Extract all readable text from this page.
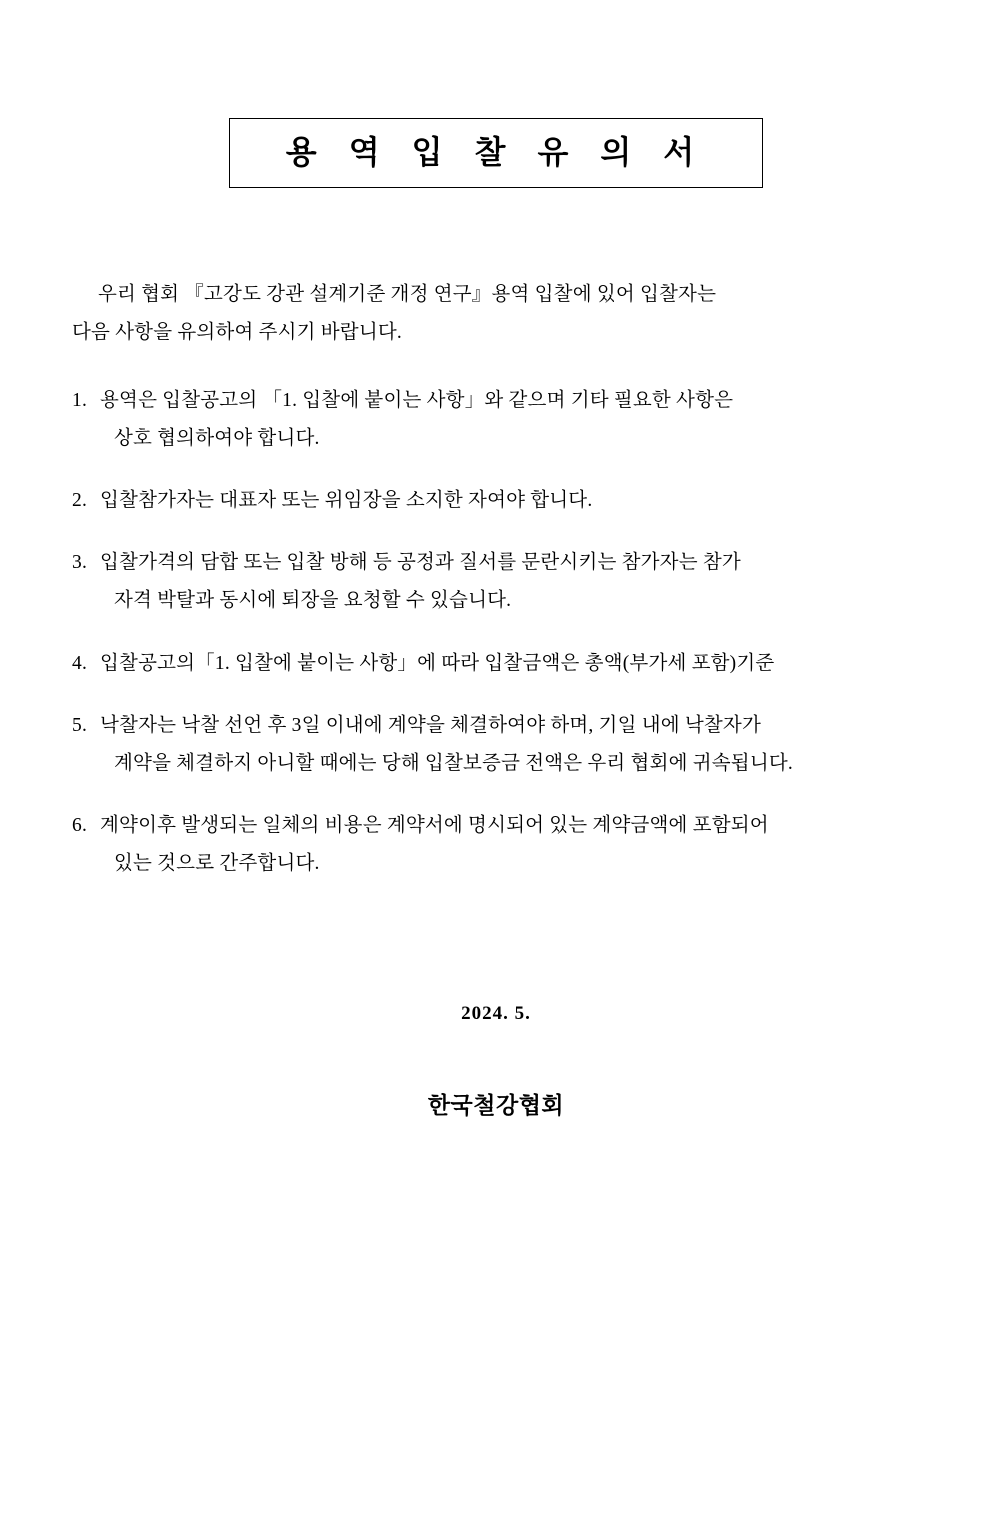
용 역 입 찰 유 의 서
우리 협회 『고강도 강관 설계기준 개정 연구』용역 입찰에 있어 입찰자는
다음 사항을 유의하여 주시기 바랍니다.
1. 용역은 입찰공고의 「1. 입찰에 붙이는 사항」와 같으며 기타 필요한 사항은
상호 협의하여야 합니다.
2. 입찰참가자는 대표자 또는 위임장을 소지한 자여야 합니다.
3. 입찰가격의 담합 또는 입찰 방해 등 공정과 질서를 문란시키는 참가자는 참가
자격 박탈과 동시에 퇴장을 요청할 수 있습니다.
4. 입찰공고의「1. 입찰에 붙이는 사항」에 따라 입찰금액은 총액(부가세 포함)기준
5. 낙찰자는 낙찰 선언 후 3일 이내에 계약을 체결하여야 하며, 기일 내에 낙찰자가
계약을 체결하지 아니할 때에는 당해 입찰보증금 전액은 우리 협회에 귀속됩니다.
6. 계약이후 발생되는 일체의 비용은 계약서에 명시되어 있는 계약금액에 포함되어
있는 것으로 간주합니다.
2024. 5.
한국철강협회
